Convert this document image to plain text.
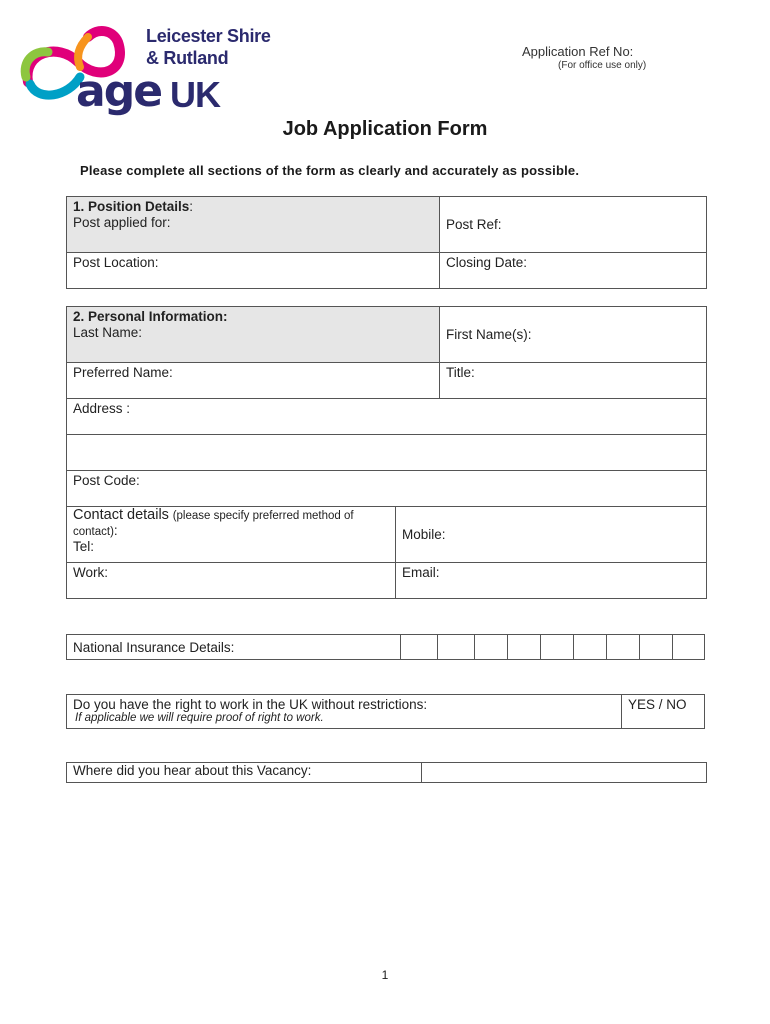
Leicester Shire
& Rutland
age UK
Application Ref No:
(For office use only)
Job Application Form
Please complete all sections of the form as clearly and accurately as possible.
1. Position Details:
Post applied for:	Post Ref:
Post Location:	Closing Date:
2. Personal Information:
Last Name:		First Name(s):
Preferred Name:		Title:
Address :		

Post Code:		
Contact details (please specify preferred method of contact):
Tel:	Mobile:	
Work:	Email:	
National Insurance Details:									
Do you have the right to work in the UK without restrictions:
If applicable we will require proof of right to work.
	YES / NO
Where did you hear about this Vacancy:	
1
